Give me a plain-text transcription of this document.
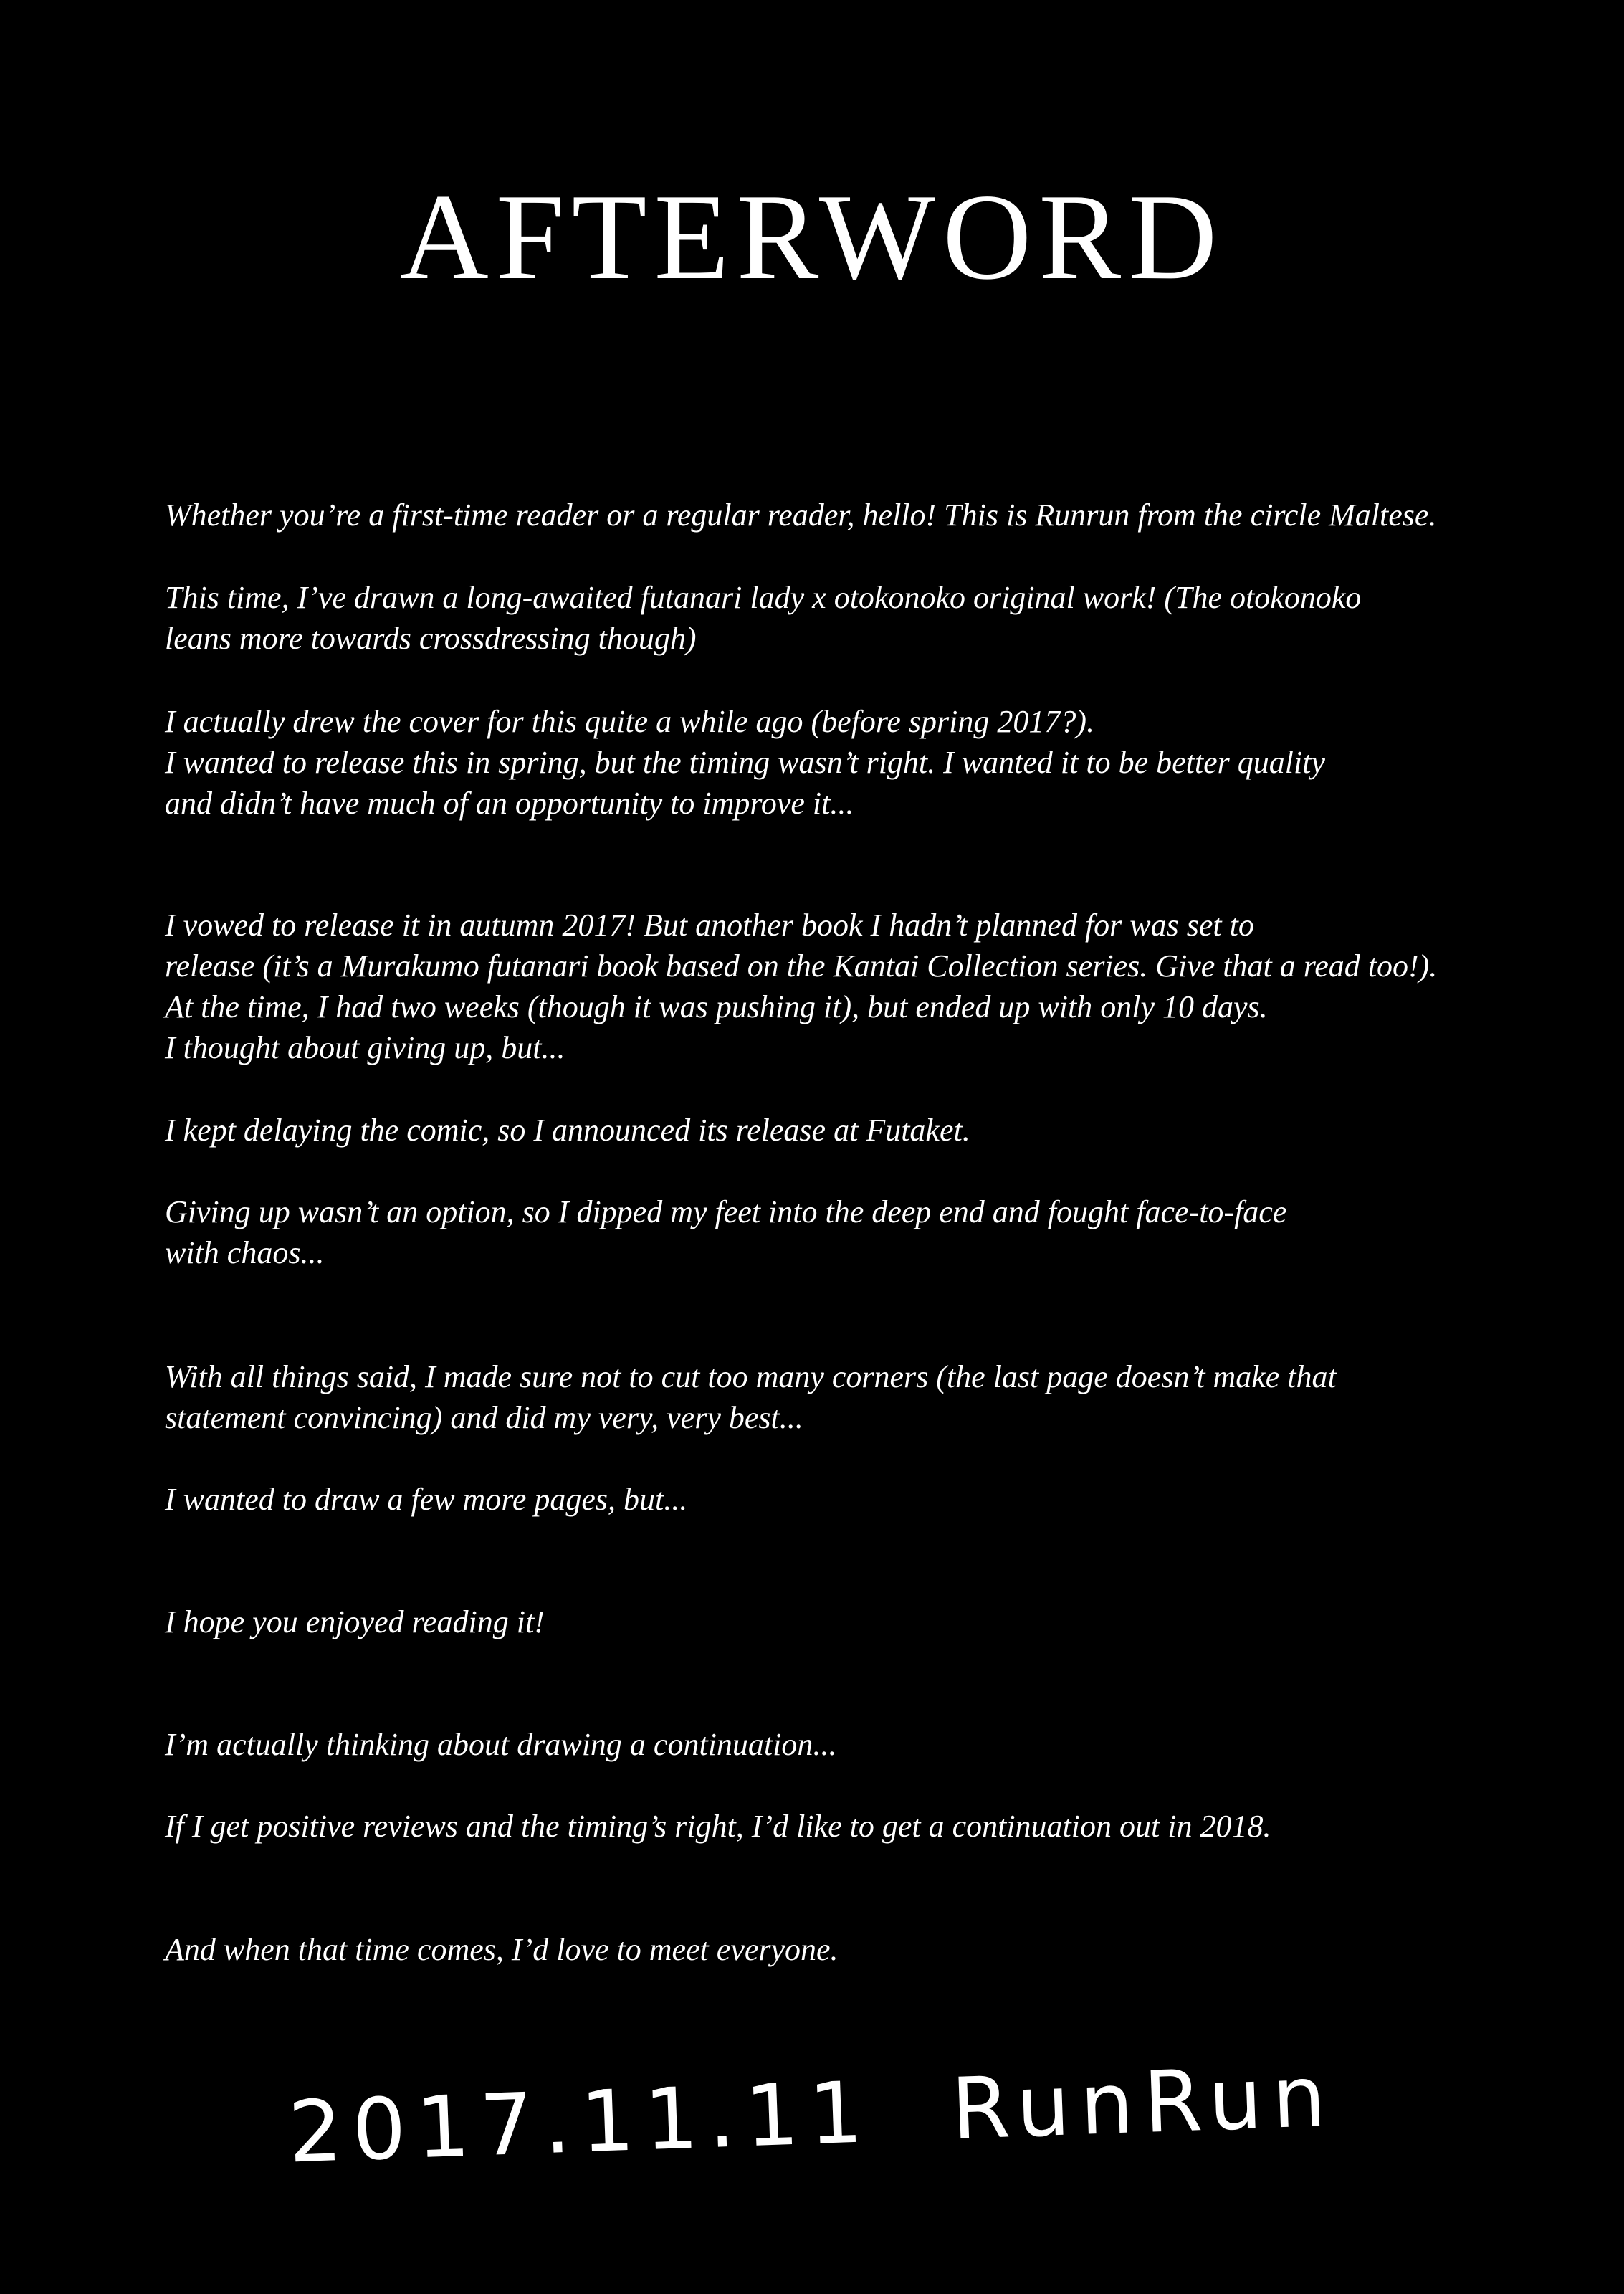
AFTERWORD

Whether you’re a first-time reader or a regular reader, hello! This is Runrun from the circle Maltese.

This time, I’ve drawn a long-awaited futanari lady x otokonoko original work! (The otokonoko
leans more towards crossdressing though)

I actually drew the cover for this quite a while ago (before spring 2017?).
I wanted to release this in spring, but the timing wasn’t right. I wanted it to be better quality
and didn’t have much of an opportunity to improve it...

I vowed to release it in autumn 2017! But another book I hadn’t planned for was set to
release (it’s a Murakumo futanari book based on the Kantai Collection series. Give that a read too!).
At the time, I had two weeks (though it was pushing it), but ended up with only 10 days.
I thought about giving up, but...

I kept delaying the comic, so I announced its release at Futaket.

Giving up wasn’t an option, so I dipped my feet into the deep end and fought face-to-face
with chaos...

With all things said, I made sure not to cut too many corners (the last page doesn’t make that
statement convincing) and did my very, very best...

I wanted to draw a few more pages, but...

I hope you enjoyed reading it!

I’m actually thinking about drawing a continuation...

If I get positive reviews and the timing’s right, I’d like to get a continuation out in 2018.

And when that time comes, I’d love to meet everyone.

2017.11.11 RunRun
